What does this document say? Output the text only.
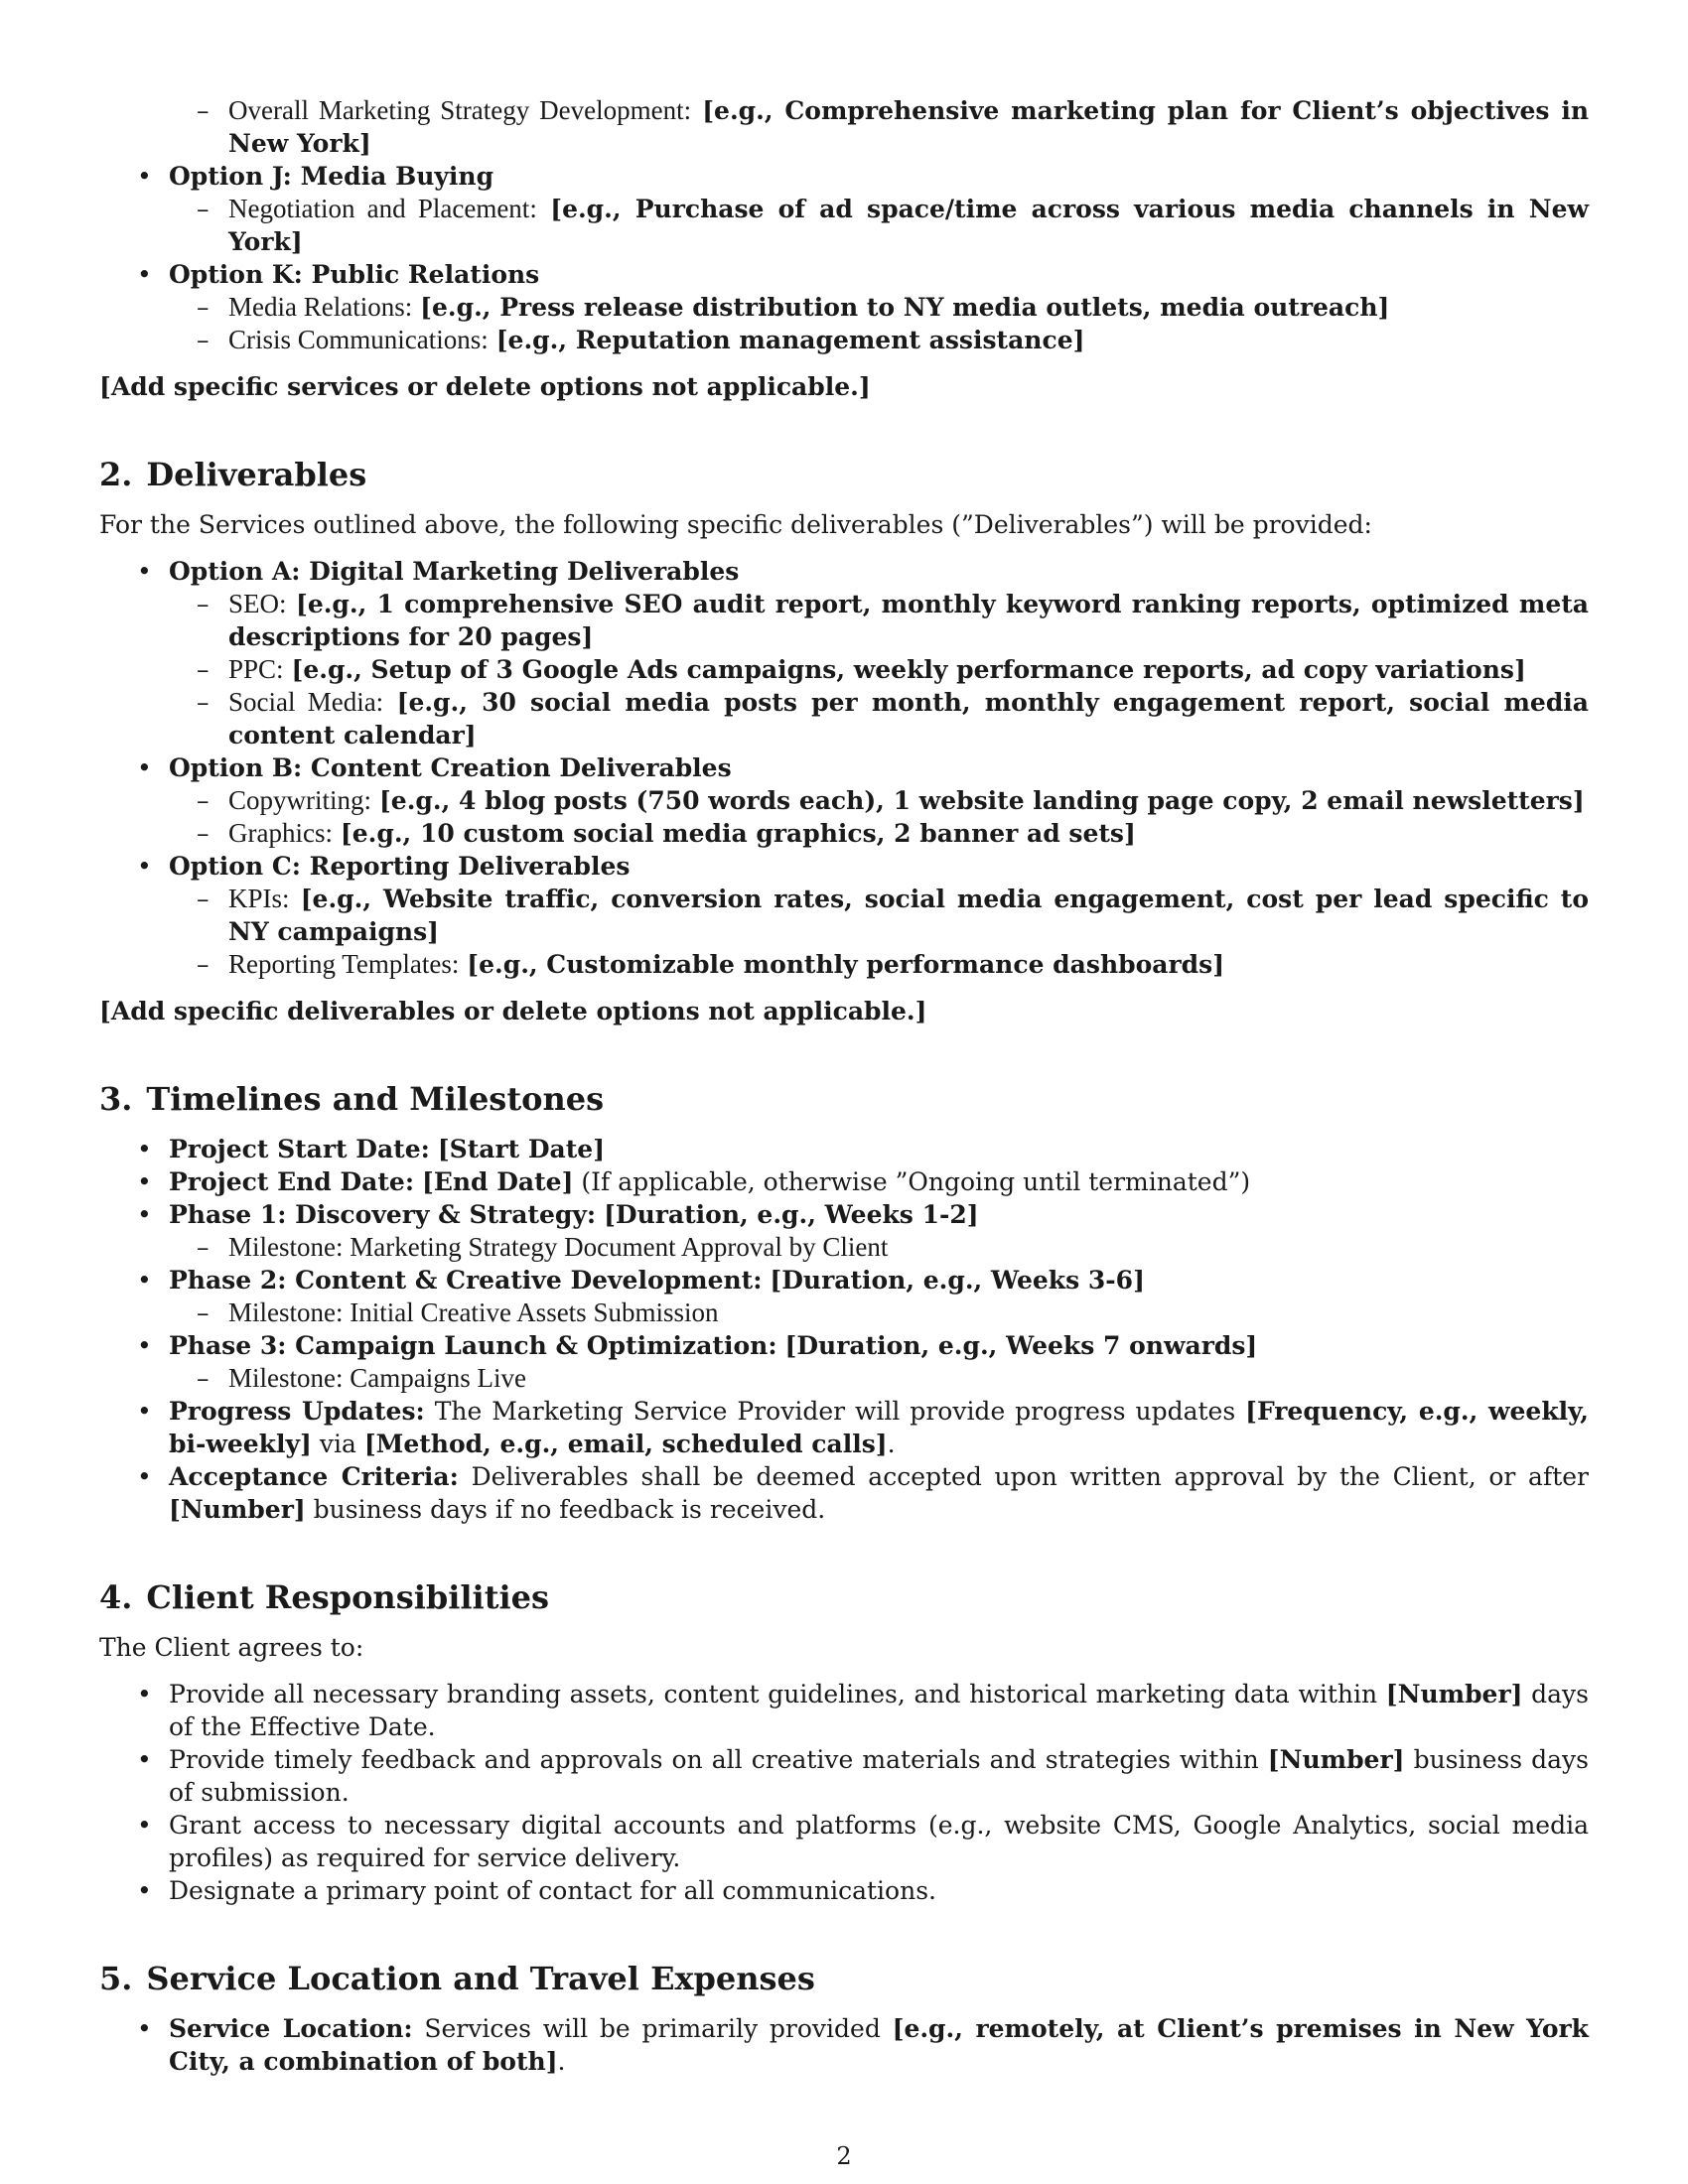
– Overall Marketing Strategy Development: [e.g., Comprehensive marketing plan for Client’s objectives in New York]
• Option J: Media Buying
– Negotiation and Placement: [e.g., Purchase of ad space/time across various media channels in New York]
• Option K: Public Relations
– Media Relations: [e.g., Press release distribution to NY media outlets, media outreach]
– Crisis Communications: [e.g., Reputation management assistance]
[Add specific services or delete options not applicable.]
2. Deliverables

For the Services outlined above, the following specific deliverables (”Deliverables”) will be provided:

• Option A: Digital Marketing Deliverables
– SEO: [e.g., 1 comprehensive SEO audit report, monthly keyword ranking reports, optimized meta descriptions for 20 pages]
– PPC: [e.g., Setup of 3 Google Ads campaigns, weekly performance reports, ad copy variations]
– Social Media: [e.g., 30 social media posts per month, monthly engagement report, social media content calendar]
• Option B: Content Creation Deliverables
– Copywriting: [e.g., 4 blog posts (750 words each), 1 website landing page copy, 2 email newsletters]
– Graphics: [e.g., 10 custom social media graphics, 2 banner ad sets]
• Option C: Reporting Deliverables
– KPIs: [e.g., Website traffic, conversion rates, social media engagement, cost per lead specific to NY campaigns]
– Reporting Templates: [e.g., Customizable monthly performance dashboards]
[Add specific deliverables or delete options not applicable.]
3. Timelines and Milestones
• Project Start Date: [Start Date]
• Project End Date: [End Date] (If applicable, otherwise ”Ongoing until terminated”)
• Phase 1: Discovery & Strategy: [Duration, e.g., Weeks 1-2]
– Milestone: Marketing Strategy Document Approval by Client
• Phase 2: Content & Creative Development: [Duration, e.g., Weeks 3-6]
– Milestone: Initial Creative Assets Submission
• Phase 3: Campaign Launch & Optimization: [Duration, e.g., Weeks 7 onwards]
– Milestone: Campaigns Live
• Progress Updates: The Marketing Service Provider will provide progress updates [Frequency, e.g., weekly, bi-weekly] via [Method, e.g., email, scheduled calls].
• Acceptance Criteria: Deliverables shall be deemed accepted upon written approval by the Client, or after [Number] business days if no feedback is received.
4. Client Responsibilities

The Client agrees to:

• Provide all necessary branding assets, content guidelines, and historical marketing data within [Number] days of the Effective Date.
• Provide timely feedback and approvals on all creative materials and strategies within [Number] business days of submission.
• Grant access to necessary digital accounts and platforms (e.g., website CMS, Google Analytics, social media profiles) as required for service delivery.
• Designate a primary point of contact for all communications.
5. Service Location and Travel Expenses
• Service Location: Services will be primarily provided [e.g., remotely, at Client’s premises in New York City, a combination of both].
2
